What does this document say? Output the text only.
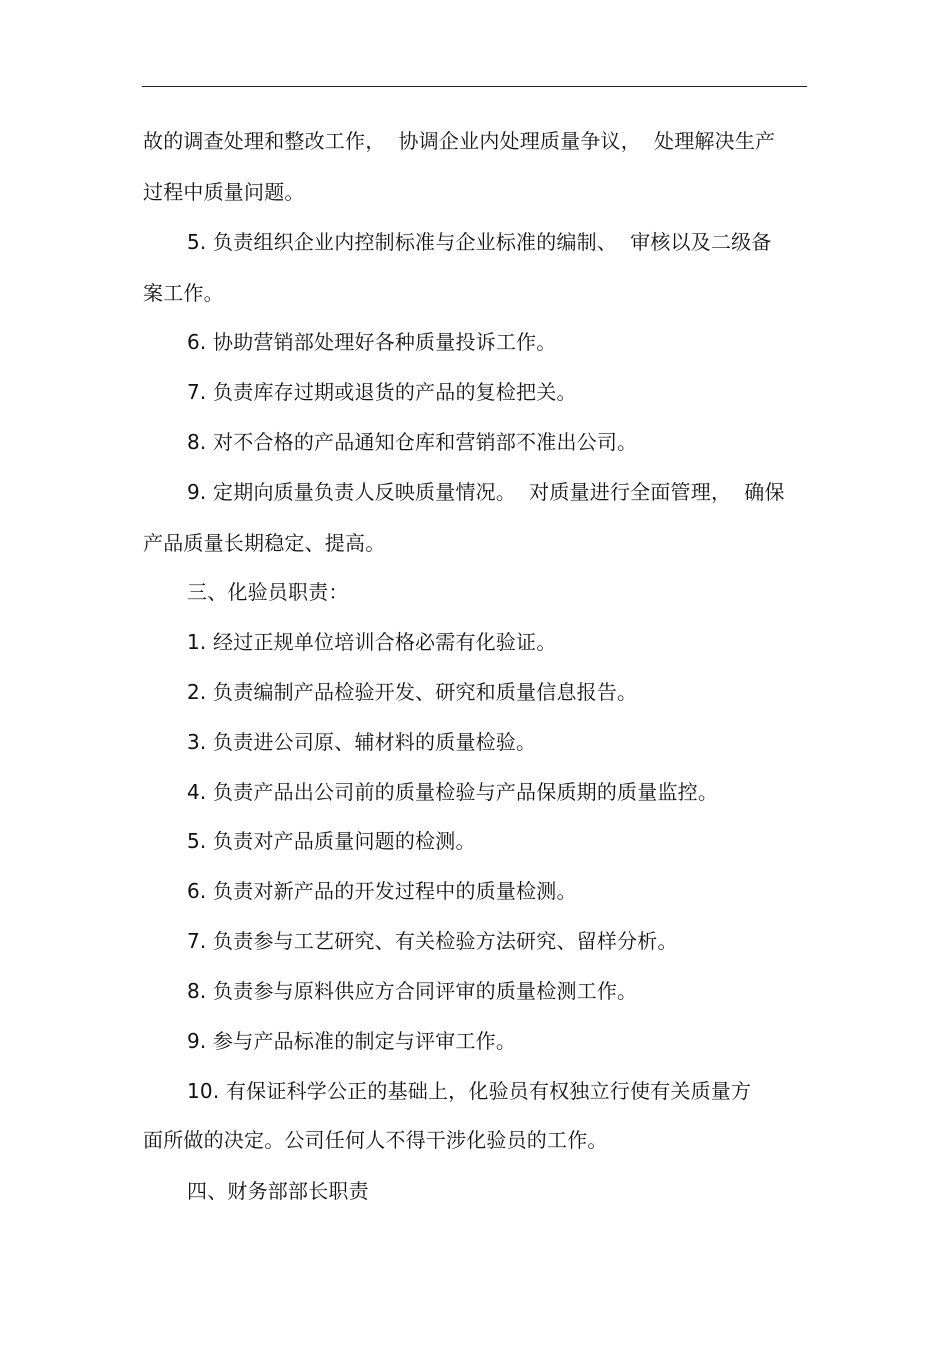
故的调查处理和整改工作，  协调企业内处理质量争议，  处理解决生产
过程中质量问题。
5. 负责组织企业内控制标准与企业标准的编制、  审核以及二级备
案工作。
6. 协助营销部处理好各种质量投诉工作。
7. 负责库存过期或退货的产品的复检把关。
8. 对不合格的产品通知仓库和营销部不准出公司。
9. 定期向质量负责人反映质量情况。  对质量进行全面管理，  确保
产品质量长期稳定、提高。
三、化验员职责：
1. 经过正规单位培训合格必需有化验证。
2. 负责编制产品检验开发、研究和质量信息报告。
3. 负责进公司原、辅材料的质量检验。
4. 负责产品出公司前的质量检验与产品保质期的质量监控。
5. 负责对产品质量问题的检测。
6. 负责对新产品的开发过程中的质量检测。
7. 负责参与工艺研究、有关检验方法研究、留样分析。
8. 负责参与原料供应方合同评审的质量检测工作。
9. 参与产品标准的制定与评审工作。
10. 有保证科学公正的基础上，化验员有权独立行使有关质量方
面所做的决定。公司任何人不得干涉化验员的工作。
四、财务部部长职责
